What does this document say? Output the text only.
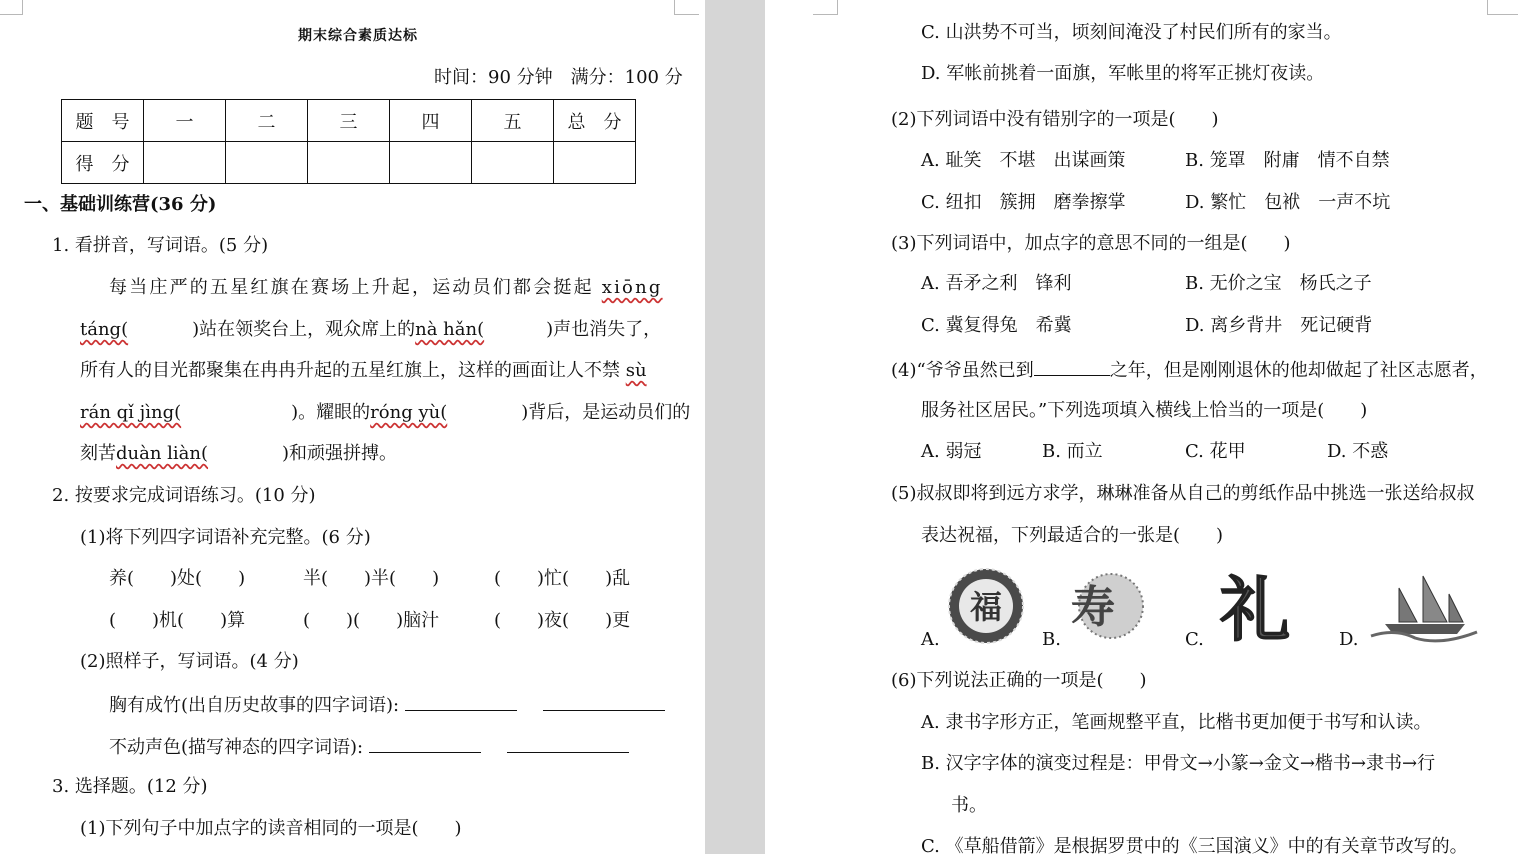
期末综合素质达标
时间：90 分钟　满分：100 分
题　号	一	二	三	四	五	总　分
得　分						
一、基础训练营(36 分)
1. 看拼音，写词语。(5 分)
每当庄严的五星红旗在赛场上升起，运动员们都会挺起 xiōng
táng(	)站在领奖台上，观众席上的nà hǎn(	)声也消失了，
所有人的目光都聚集在冉冉升起的五星红旗上，这样的画面让人不禁 sù
rán qǐ jìng(	)。耀眼的róng yù(	)背后，是运动员们的
刻苦duàn liàn(	)和顽强拼搏。
2. 按要求完成词语练习。(10 分)
(1)将下列四字词语补充完整。(6 分)
养(　　)处(　　)	半(　　)半(　　)	(　　)忙(　　)乱
(　　)机(　　)算	(　　)(　　)脑汁	(　　)夜(　　)更
(2)照样子，写词语。(4 分)
胸有成竹(出自历史故事的四字词语):
不动声色(描写神态的四字词语):
3. 选择题。(12 分)
(1)下列句子中加点字的读音相同的一项是(　　)
C. 山洪势不可当，顷刻间淹没了村民们所有的家当。
D. 军帐前挑着一面旗，军帐里的将军正挑灯夜读。
(2)下列词语中没有错别字的一项是(　　)
A. 耻笑　不堪　出谋画策	B. 笼罩　附庸　情不自禁
C. 纽扣　簇拥　磨拳擦掌	D. 繁忙　包袱　一声不坑
(3)下列词语中，加点字的意思不同的一组是(　　)
A. 吾矛之利　锋利	B. 无价之宝　杨氏之子
C. 冀复得兔　希冀	D. 离乡背井　死记硬背
(4)“爷爷虽然已到	之年，但是刚刚退休的他却做起了社区志愿者，
服务社区居民。”下列选项填入横线上恰当的一项是(　　)
A. 弱冠	B. 而立	C. 花甲	D. 不惑
(5)叔叔即将到远方求学，琳琳准备从自己的剪纸作品中挑选一张送给叔叔
表达祝福，下列最适合的一张是(　　)
A.
福
B.
寿
C. 礼	D.
(6)下列说法正确的一项是(　　)
A. 隶书字形方正，笔画规整平直，比楷书更加便于书写和认读。
B. 汉字字体的演变过程是：甲骨文→小篆→金文→楷书→隶书→行
书。
C. 《草船借箭》是根据罗贯中的《三国演义》中的有关章节改写的。
